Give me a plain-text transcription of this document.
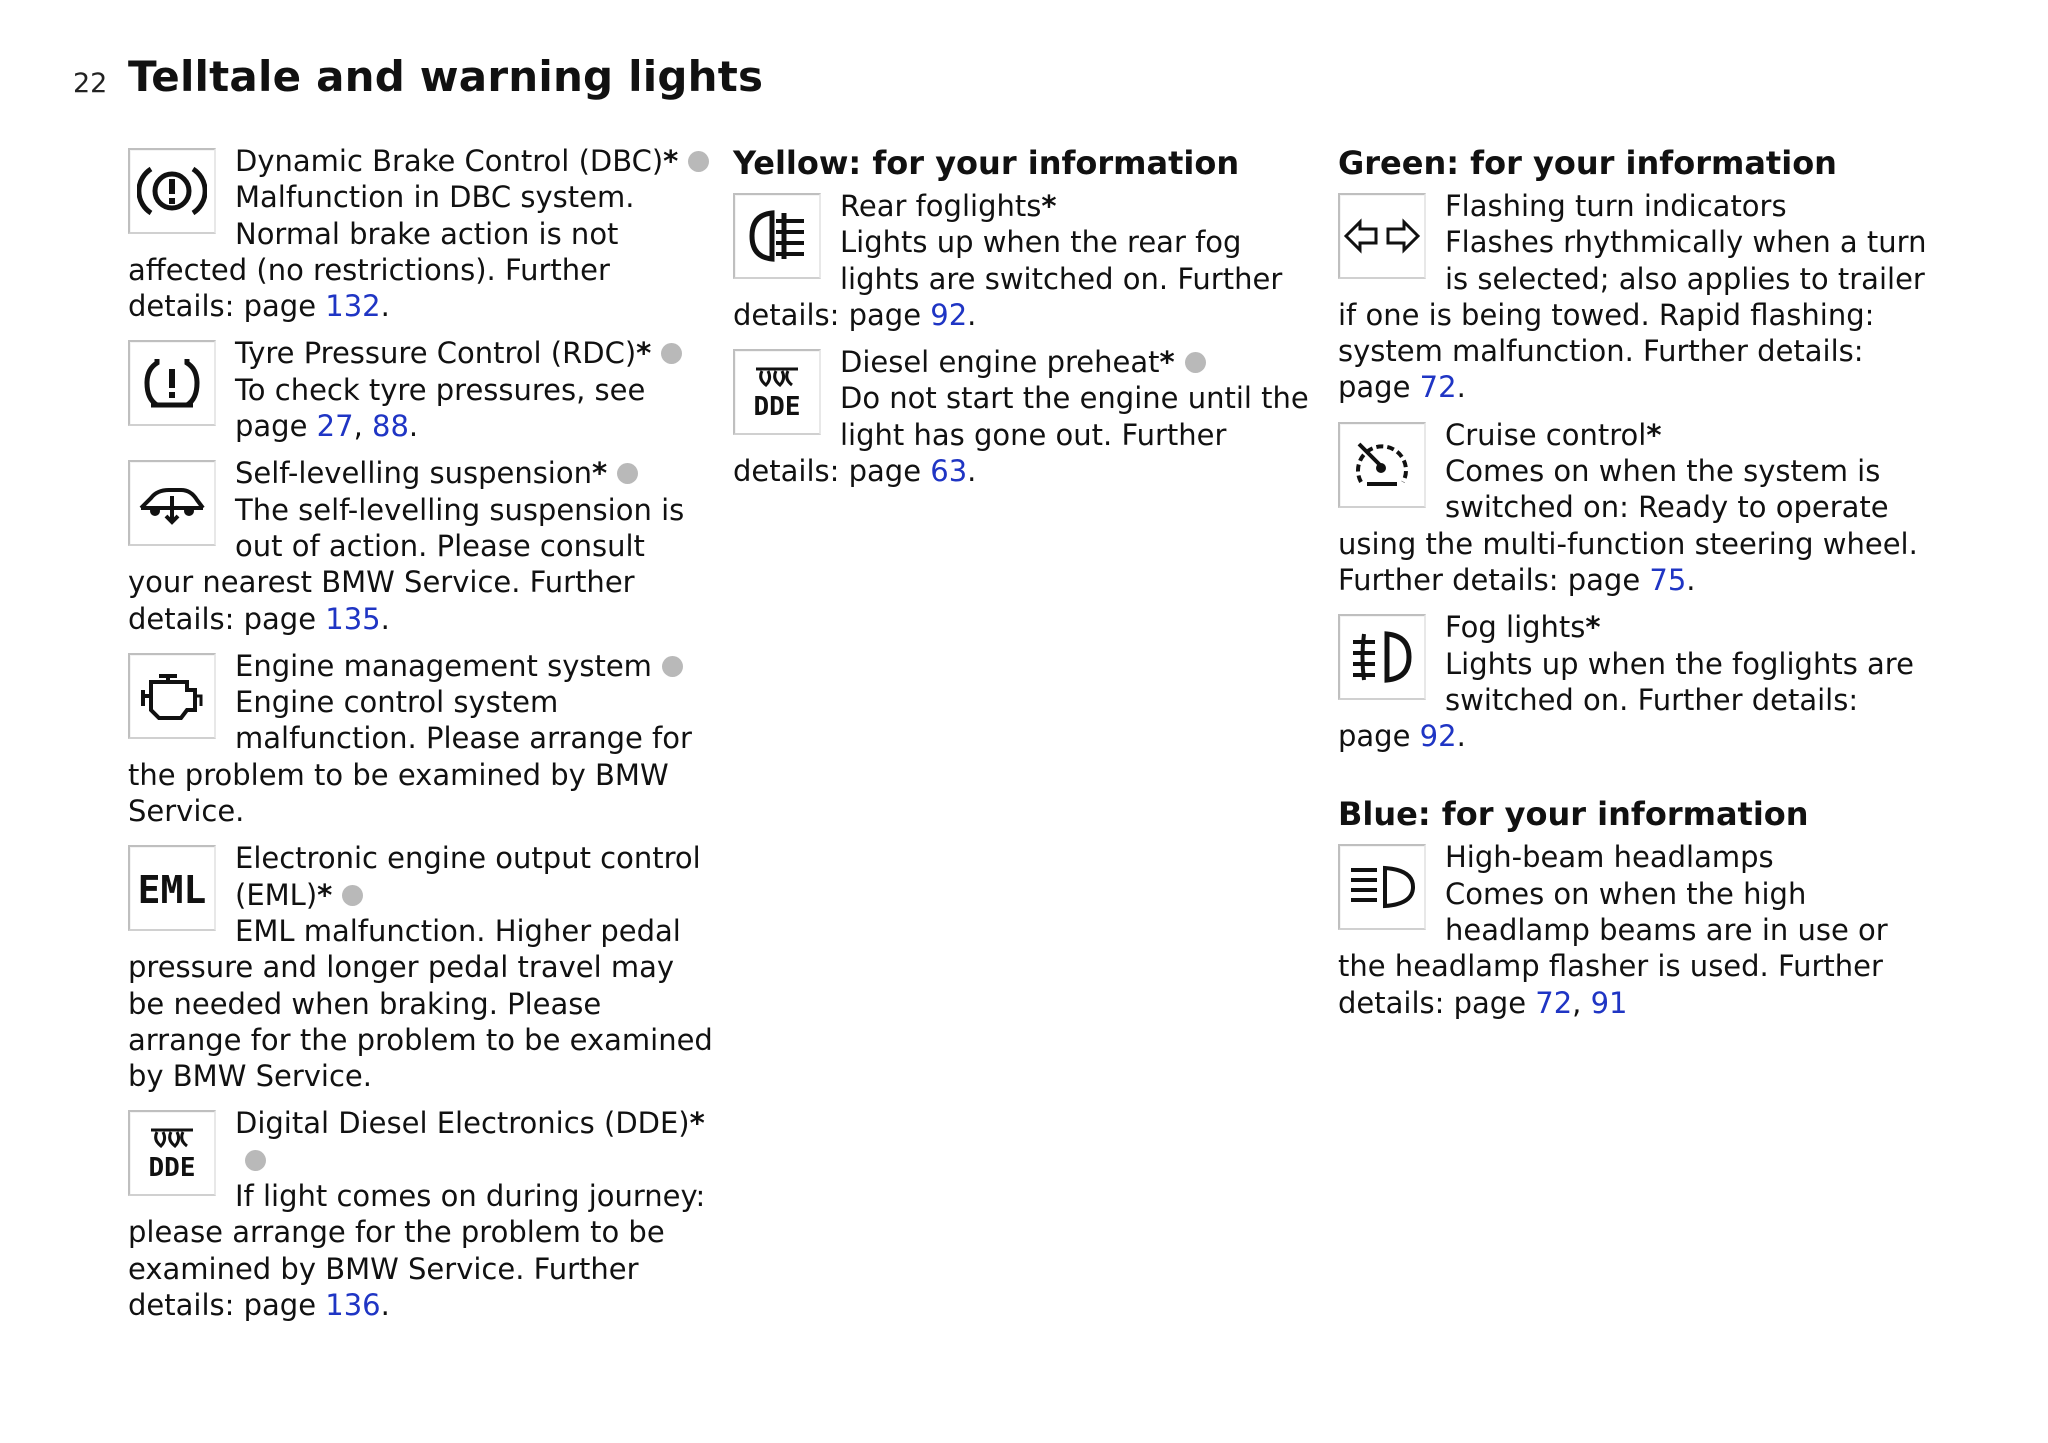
22 Telltale and warning lights
Dynamic Brake Control (DBC)*
Malfunction in DBC system. Normal brake action is not affected (no restrictions). Further details: page 132.
Tyre Pressure Control (RDC)*
To check tyre pressures, see page 27, 88.
Self-levelling suspension*
The self-levelling suspension is out of action. Please consult your nearest BMW Service. Further details: page 135.
Engine management system
Engine control system malfunction. Please arrange for the problem to be examined by BMW Service.
EML
Electronic engine output control (EML)*
EML malfunction. Higher pedal pressure and longer pedal travel may be needed when braking. Please arrange for the problem to be examined by BMW Service.
DDE
Digital Diesel Electronics (DDE)*
If light comes on during journey: please arrange for the problem to be examined by BMW Service. Further details: page 136.
Yellow: for your information
Rear foglights*
Lights up when the rear fog lights are switched on. Further details: page 92.
DDE
Diesel engine preheat*
Do not start the engine until the light has gone out. Further details: page 63.
Green: for your information
Flashing turn indicators
Flashes rhythmically when a turn is selected; also applies to trailer if one is being towed. Rapid flashing: system malfunction. Further details: page 72.
Cruise control*
Comes on when the system is switched on: Ready to operate using the multi-function steering wheel. Further details: page 75.
Fog lights*
Lights up when the foglights are switched on. Further details: page 92.
Blue: for your information
High-beam headlamps
Comes on when the high headlamp beams are in use or the headlamp flasher is used. Further details: page 72, 91
